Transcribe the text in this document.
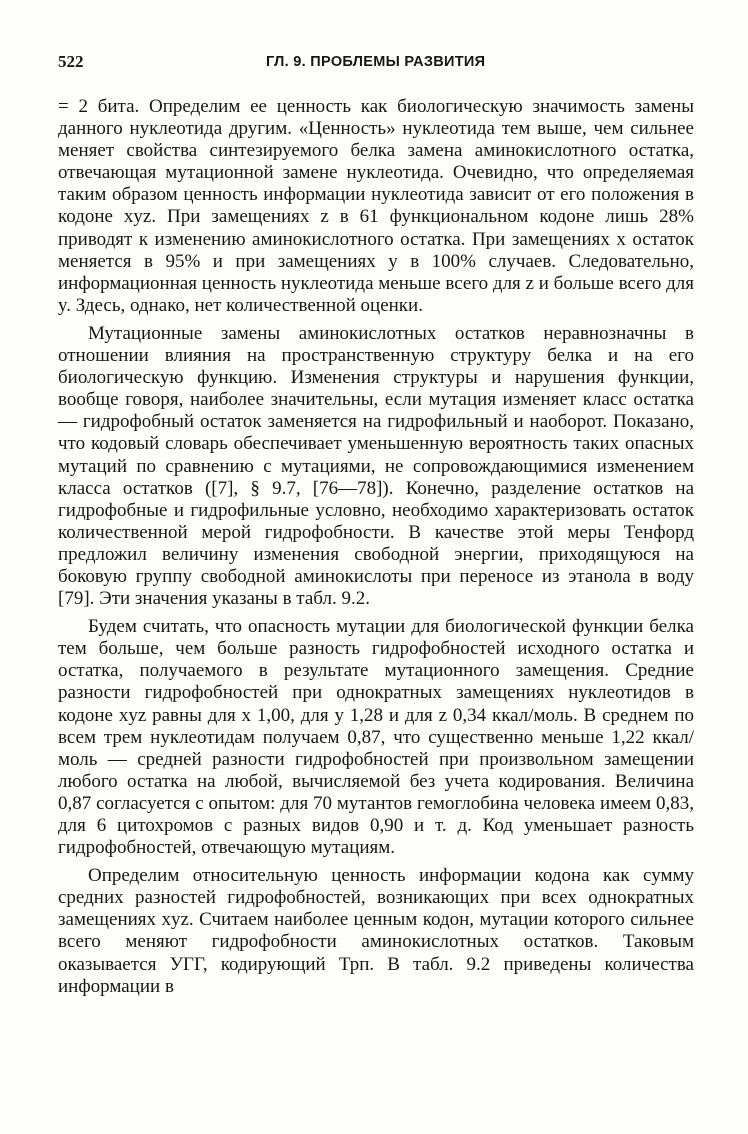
522	ГЛ. 9. ПРОБЛЕМЫ РАЗВИТИЯ

= 2 бита. Определим ее ценность как биологическую значимость замены данного нуклеотида другим. «Ценность» нуклеотида тем выше, чем сильнее меняет свойства синтезируемого белка замена аминокислотного остатка, отвечающая мутационной замене нуклеотида. Очевидно, что определяемая таким образом ценность информации нуклеотида зависит от его положения в кодоне xyz. При замещениях z в 61 функциональном кодоне лишь 28% приводят к изменению аминокислотного остатка. При замещениях x остаток меняется в 95% и при замещениях y в 100% случаев. Следовательно, информационная ценность нуклеотида меньше всего для z и больше всего для y. Здесь, однако, нет количественной оценки.

Мутационные замены аминокислотных остатков неравнозначны в отношении влияния на пространственную структуру белка и на его биологическую функцию. Изменения структуры и нарушения функции, вообще говоря, наиболее значительны, если мутация изменяет класс остатка — гидрофобный остаток заменяется на гидрофильный и наоборот. Показано, что кодовый словарь обеспечивает уменьшенную вероятность таких опасных мутаций по сравнению с мутациями, не сопровождающимися изменением класса остатков ([7], § 9.7, [76—78]). Конечно, разделение остатков на гидрофобные и гидрофильные условно, необходимо характеризовать остаток количественной мерой гидрофобности. В качестве этой меры Тенфорд предложил величину изменения свободной энергии, приходящуюся на боковую группу свободной аминокислоты при переносе из этанола в воду [79]. Эти значения указаны в табл. 9.2.

Будем считать, что опасность мутации для биологической функции белка тем больше, чем больше разность гидрофобностей исходного остатка и остатка, получаемого в результате мутационного замещения. Средние разности гидрофобностей при однократных замещениях нуклеотидов в кодоне xyz равны для x 1,00, для y 1,28 и для z 0,34 ккал/моль. В среднем по всем трем нуклеотидам получаем 0,87, что существенно меньше 1,22 ккал/моль — средней разности гидрофобностей при произвольном замещении любого остатка на любой, вычисляемой без учета кодирования. Величина 0,87 согласуется с опытом: для 70 мутантов гемоглобина человека имеем 0,83, для 6 цитохромов c разных видов 0,90 и т. д. Код уменьшает разность гидрофобностей, отвечающую мутациям.

Определим относительную ценность информации кодона как сумму средних разностей гидрофобностей, возникающих при всех однократных замещениях xyz. Считаем наиболее ценным кодон, мутации которого сильнее всего меняют гидрофобности аминокислотных остатков. Таковым оказывается УГГ, кодирующий Трп. В табл. 9.2 приведены количества информации в
